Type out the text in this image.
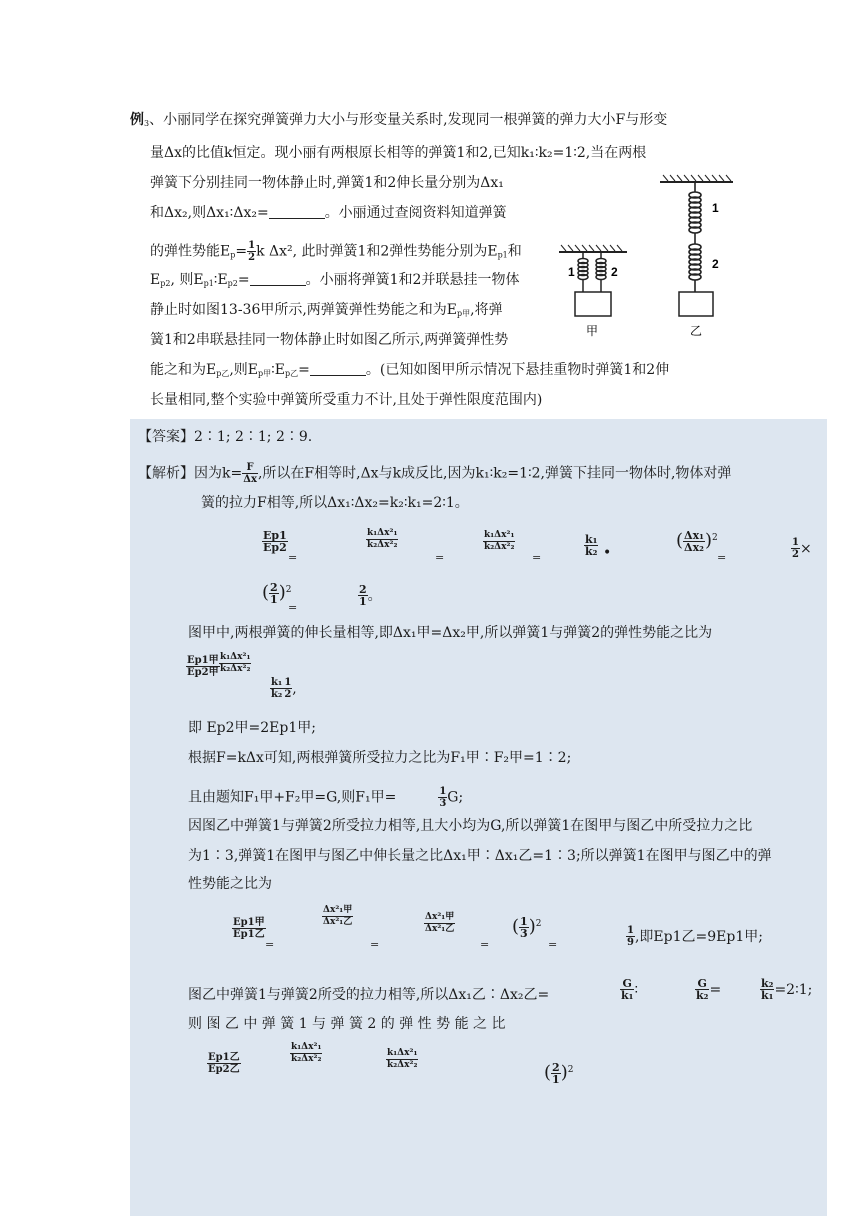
例$_3$、小丽同学在探究弹簧弹力大小与形变量关系时,发现同一根弹簧的弹力大小F与形变
量Δx的比值k恒定。现小丽有两根原长相等的弹簧1和2,已知k₁∶k₂=1∶2,当在两根
弹簧下分别挂同一物体静止时,弹簧1和2伸长量分别为Δx₁
和Δx₂,则Δx₁∶Δx₂=	。小丽通过查阅资料知道弹簧
的弹性势能$E_p= \frac{1}{2}$ k Δx², 此时弹簧1和2弹性势能分别为$E_{p1}$和
$E_{p2}$, 则$E_{p1}∶E_{p2}=$	。小丽将弹簧1和2并联悬挂一物体
静止时如图13-36甲所示,两弹簧弹性势能之和为$E_{p甲}$,将弹
簧1和2串联悬挂同一物体静止时如图乙所示,两弹簧弹性势
能之和为$E_{p乙}$,则$E_{p甲}∶E_{p乙}=$	。(已知如图甲所示情况下悬挂重物时弹簧1和2伸
长量相同,整个实验中弹簧所受重力不计,且处于弹性限度范围内)
1
2
乙
1	2
甲
【答案】2∶1; 2∶1; 2∶9.
【解析】因为$k= \frac{F}{\Delta x}$ ,所以在F相等时,Δx与k成反比,因为k₁∶k₂=1∶2,弹簧下挂同一物体时,物体对弹
簧的拉力F相等,所以Δx₁∶Δx₂=k₂∶k₁=2∶1。
$\frac{Ep1}{Ep2}$
=
$\frac{\text{k₁Δx²₁}}{\text{k₂Δx²₂}}$
=
$\frac{\text{k₁Δx²₁}}{\text{k₂Δx²₂}}$
=
$\frac{\text{k₁}}{\text{k₂}}$ •
( $\frac{\text{Δx₁}}{\text{Δx₂}} )^2$
=	$\frac{1}{2}$ ×
( $\frac{2}{1} )^2$
=
$\frac{2}{1}$ 。
图甲中,两根弹簧的伸长量相等,即Δx₁甲=Δx₂甲,所以弹簧1与弹簧2的弹性势能之比为
$\frac{\text{Ep1甲}}{\text{Ep2甲}} \frac{\text{k₁Δx²₁}}{\text{k₂Δx²₂}}$
$\frac{\text{k₁}}{\text{k₂}} \frac{1}{2}$ ,
即 Ep2甲=2Ep1甲;
根据F=kΔx可知,两根弹簧所受拉力之比为F₁甲∶F₂甲=1∶2;
且由题知F₁甲+F₂甲=G,则F₁甲=	$\frac{1}{3} G$;
因图乙中弹簧1与弹簧2所受拉力相等,且大小均为G,所以弹簧1在图甲与图乙中所受拉力之比
为1∶3,弹簧1在图甲与图乙中伸长量之比Δx₁甲∶Δx₁乙=1∶3;所以弹簧1在图甲与图乙中的弹
性势能之比为
$\frac{\text{Ep1甲}}{\text{Ep1乙}}$
=
$\frac{\text{Δx²₁甲}}{\text{Δx²₁乙}}$
=
$\frac{\text{Δx²₁甲}}{\text{Δx²₁乙}}$
=
( $\frac{1}{3} )^2$
=	$\frac{1}{9}$ ,即Ep1乙=9Ep1甲;
图乙中弹簧1与弹簧2所受的拉力相等,所以Δx₁乙∶Δx₂乙=	$\frac{G}{\text{k₁}}$ ∶	$\frac{G}{\text{k₂}}$ =	$\frac{\text{k₂}}{\text{k₁}}$ =2∶1;
则 图 乙 中 弹 簧 1 与 弹 簧 2 的 弹 性 势 能 之 比
$\frac{\text{Ep1乙}}{\text{Ep2乙}}$	$\frac{\text{k₁Δx²₁}}{\text{k₂Δx²₂}}$	$\frac{\text{k₁Δx²₁}}{\text{k₂Δx²₂}}$
( $\frac{2}{1} )^2$
